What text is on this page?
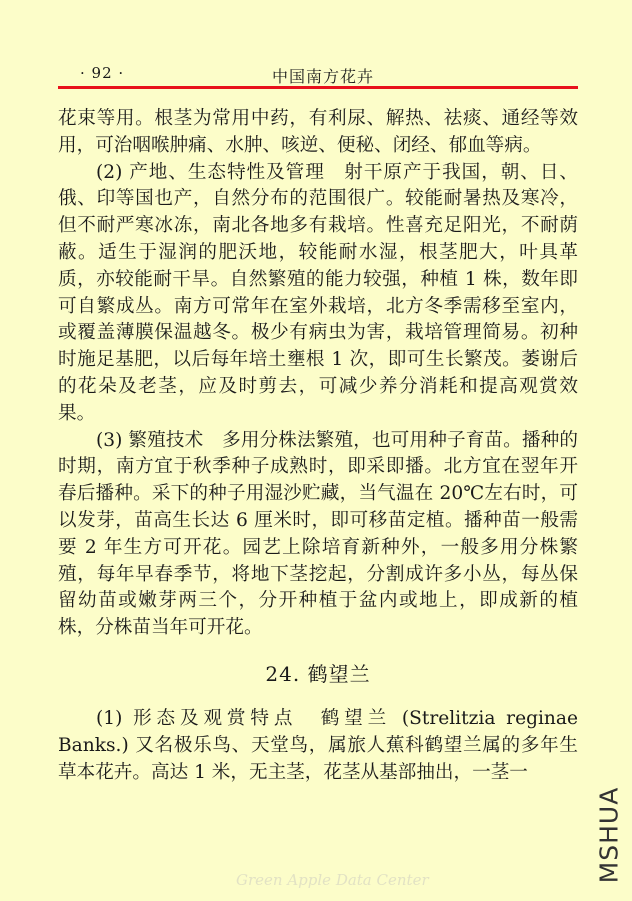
· 92 ·	中国南方花卉

花束等用。根茎为常用中药，有利尿、解热、祛痰、通经等效用，可治咽喉肿痛、水肿、咳逆、便秘、闭经、郁血等病。

(2) 产地、生态特性及管理　射干原产于我国，朝、日、俄、印等国也产，自然分布的范围很广。较能耐暑热及寒冷，但不耐严寒冰冻，南北各地多有栽培。性喜充足阳光，不耐荫蔽。适生于湿润的肥沃地，较能耐水湿，根茎肥大，叶具革质，亦较能耐干旱。自然繁殖的能力较强，种植 1 株，数年即可自繁成丛。南方可常年在室外栽培，北方冬季需移至室内，或覆盖薄膜保温越冬。极少有病虫为害，栽培管理简易。初种时施足基肥，以后每年培土壅根 1 次，即可生长繁茂。萎谢后的花朵及老茎，应及时剪去，可减少养分消耗和提高观赏效果。

(3) 繁殖技术　多用分株法繁殖，也可用种子育苗。播种的时期，南方宜于秋季种子成熟时，即采即播。北方宜在翌年开春后播种。采下的种子用湿沙贮藏，当气温在 20℃左右时，可以发芽，苗高生长达 6 厘米时，即可移苗定植。播种苗一般需要 2 年生方可开花。园艺上除培育新种外，一般多用分株繁殖，每年早春季节，将地下茎挖起，分割成许多小丛，每丛保留幼苗或嫩芽两三个，分开种植于盆内或地上，即成新的植株，分株苗当年可开花。

24. 鹤望兰

(1) 形态及观赏特点　鹤望兰 (Strelitzia reginae Banks.) 又名极乐鸟、天堂鸟，属旅人蕉科鹤望兰属的多年生草本花卉。高达 1 米，无主茎，花茎从基部抽出，一茎一

Green Apple Data Center	MSHUA
